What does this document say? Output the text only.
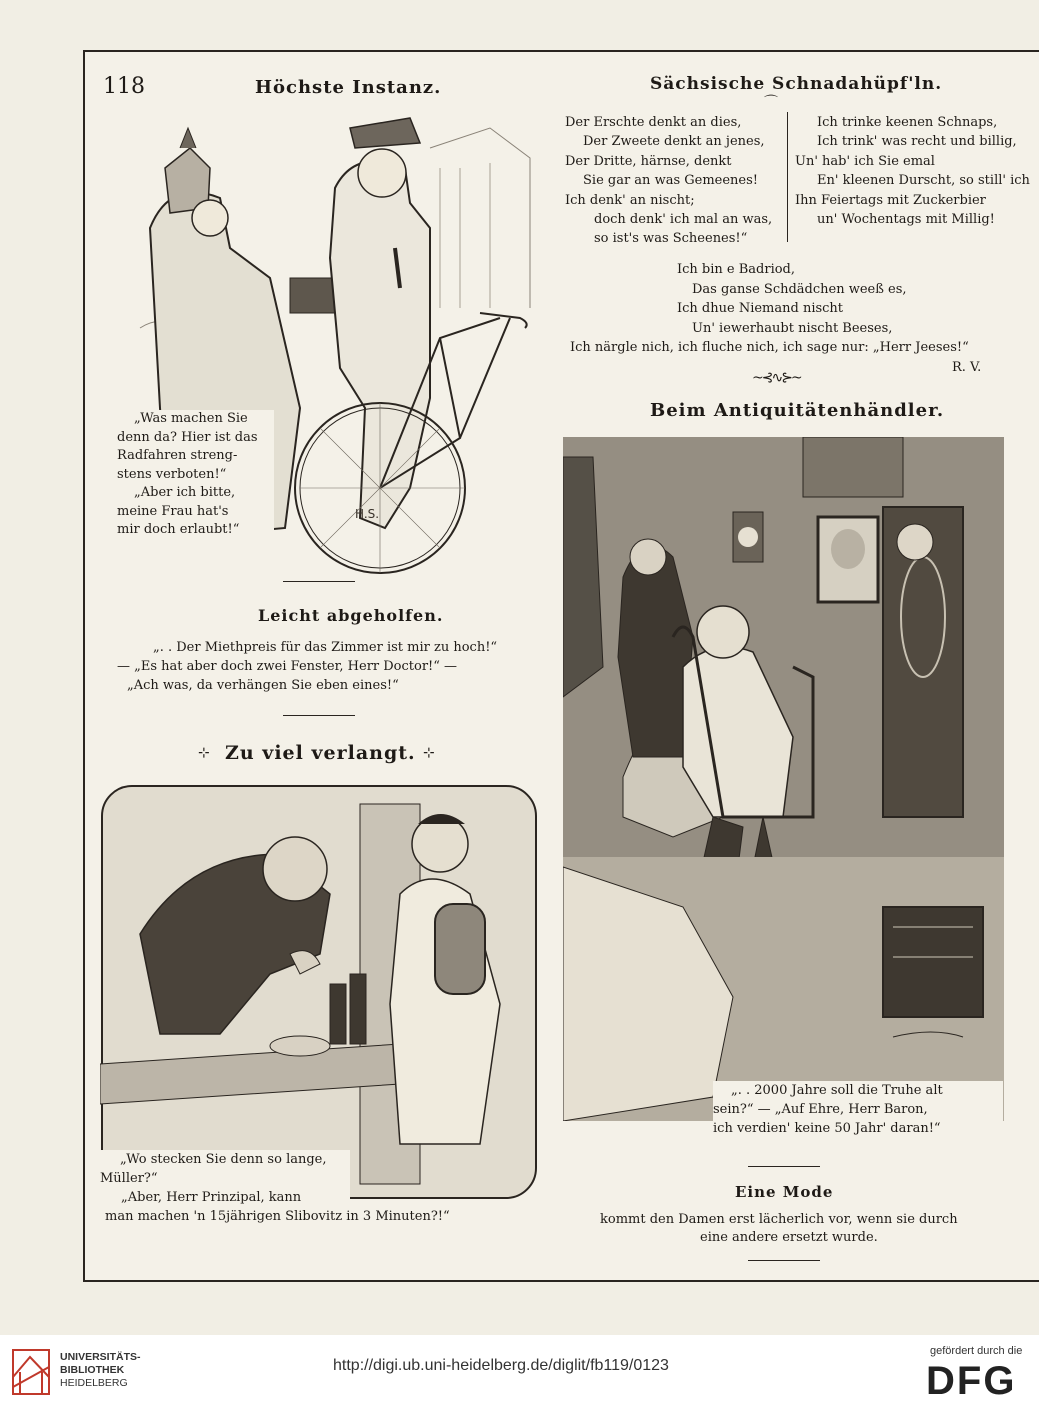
118	Höchste Instanz.
H.S.
„Was machen Sie
denn da? Hier ist das
Radfahren streng-
stens verboten!“
„Aber ich bitte,
meine Frau hat's
mir doch erlaubt!“
Sächsische Schnadahüpf'ln.
⌒
Der Erschte denkt an dies,
Der Zweete denkt an jenes,
Der Dritte, härnse, denkt
Sie gar an was Gemeenes!
Ich denk' an nischt;
doch denk' ich mal an was,
so ist's was Scheenes!“
Ich trinke keenen Schnaps,
Ich trink' was recht und billig,
Un' hab' ich Sie emal
En' kleenen Durscht, so still' ich
Ihn Feiertags mit Zuckerbier
un' Wochentags mit Millig!
Ich bin e Badriod,
Das ganse Schdädchen weeß es,
Ich dhue Niemand nischt
Un' iewerhaubt nischt Beeses,
Ich närgle nich, ich fluche nich, ich sage nur: „Herr Jeeses!“
R. V.
~⊰∿⊱~
Beim Antiquitätenhändler.
„. . 2000 Jahre soll die Truhe alt
sein?“ — „Auf Ehre, Herr Baron,
ich verdien' keine 50 Jahr' daran!“
Eine Mode
kommt den Damen erst lächerlich vor, wenn sie durch
eine andere ersetzt wurde.
Leicht abgeholfen.
„. . Der Miethpreis für das Zimmer ist mir zu hoch!“
— „Es hat aber doch zwei Fenster, Herr Doctor!“ —
„Ach was, da verhängen Sie eben eines!“
⊹ Zu viel verlangt. ⊹
„Wo stecken Sie denn so lange,
Müller?“
„Aber, Herr Prinzipal, kann
man machen 'n 15jährigen Slibovitz in 3 Minuten?!“
UNIVERSITÄTS-
BIBLIOTHEK
HEIDELBERG
http://digi.ub.uni-heidelberg.de/diglit/fb119/0123
gefördert durch die
DFG
